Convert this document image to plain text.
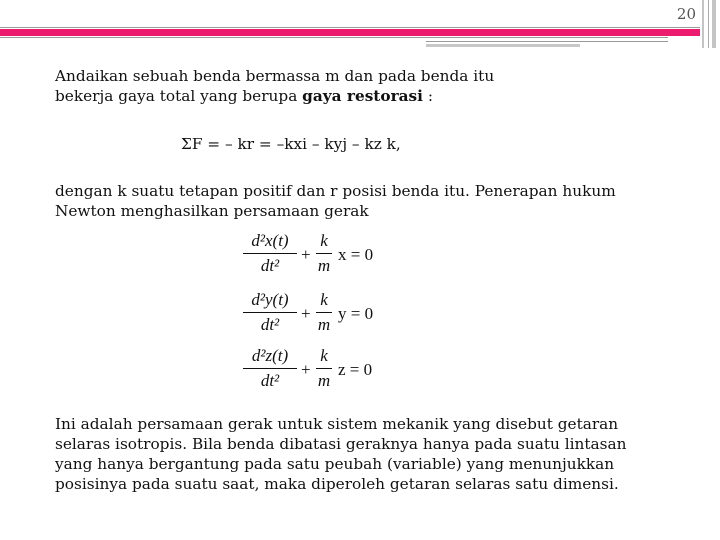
20
Andaikan sebuah benda bermassa m dan pada benda itu
bekerja gaya total yang berupa gaya restorasi :
ΣF = – kr = –kxi – kyj – kz k,
dengan k suatu tetapan positif dan r posisi benda itu. Penerapan hukum
Newton menghasilkan persamaan gerak
d²x(t)
dt²
+
k
m
x = 0
d²y(t)
dt²
+
k
m
y = 0
d²z(t)
dt²
+
k
m
z = 0
Ini adalah persamaan gerak untuk sistem mekanik yang disebut getaran
selaras isotropis. Bila benda dibatasi geraknya hanya pada suatu lintasan
yang hanya bergantung pada satu peubah (variable) yang menunjukkan
posisinya pada suatu saat, maka diperoleh getaran selaras satu dimensi.
